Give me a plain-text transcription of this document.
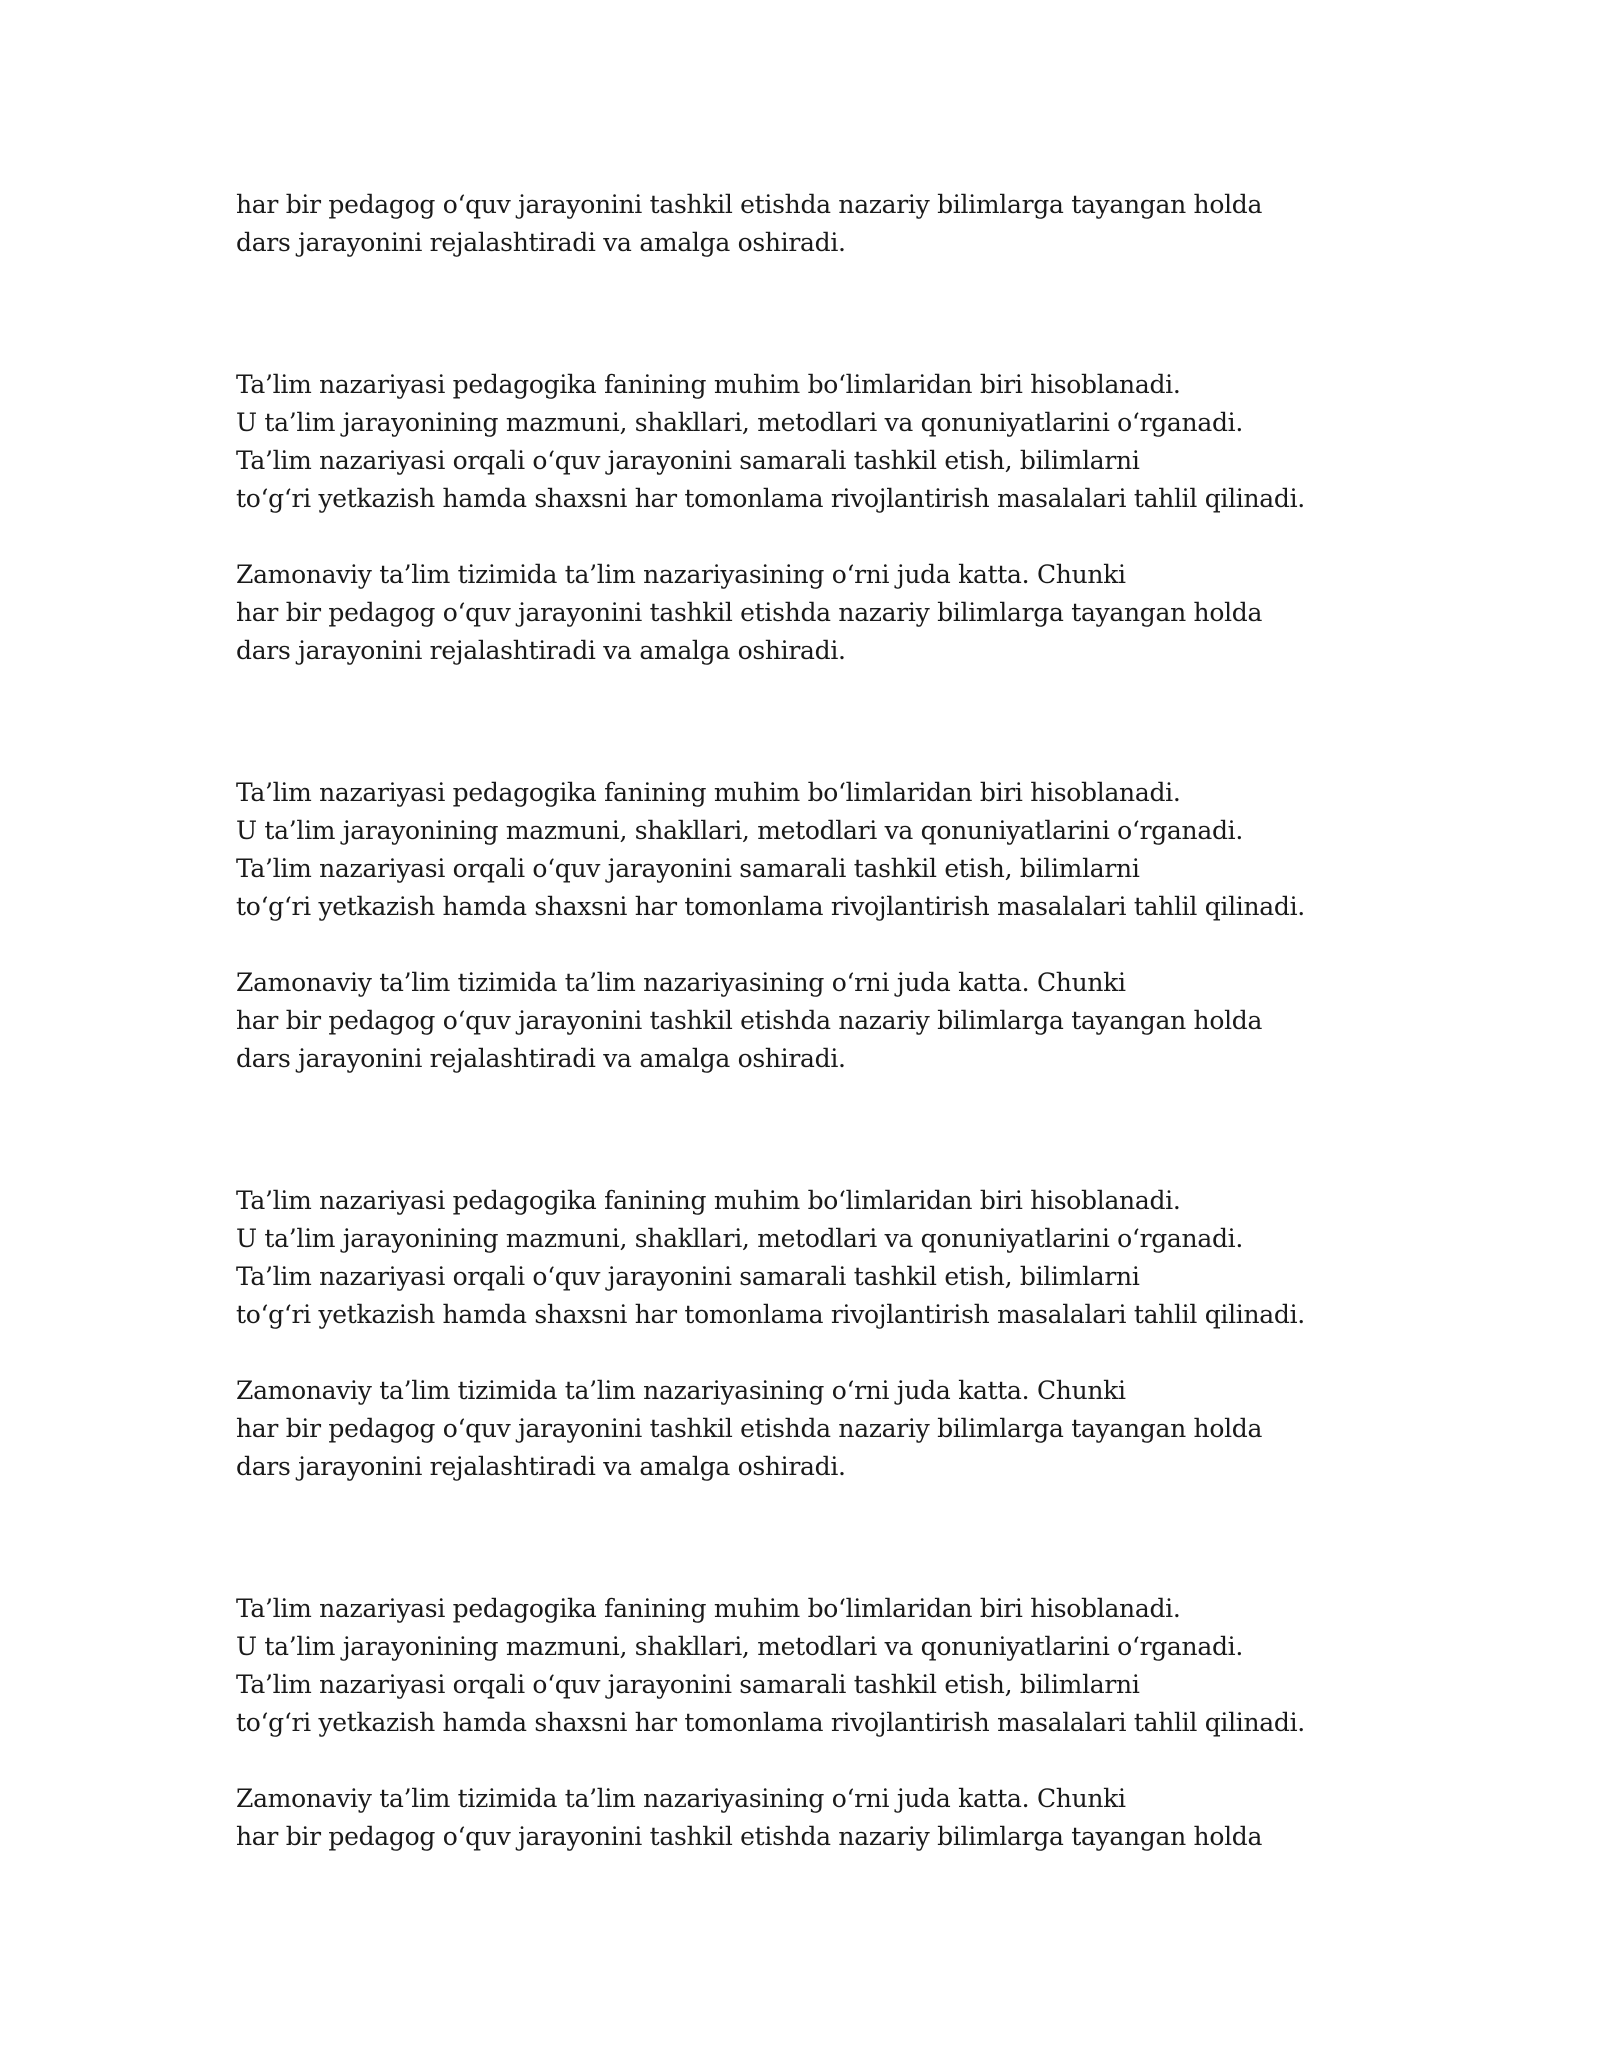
har bir pedagog o‘quv jarayonini tashkil etishda nazariy bilimlarga tayangan holda
dars jarayonini rejalashtiradi va amalga oshiradi.

Ta’lim nazariyasi pedagogika fanining muhim bo‘limlaridan biri hisoblanadi.
U ta’lim jarayonining mazmuni, shakllari, metodlari va qonuniyatlarini o‘rganadi.
Ta’lim nazariyasi orqali o‘quv jarayonini samarali tashkil etish, bilimlarni
to‘g‘ri yetkazish hamda shaxsni har tomonlama rivojlantirish masalalari tahlil qilinadi.

Zamonaviy ta’lim tizimida ta’lim nazariyasining o‘rni juda katta. Chunki
har bir pedagog o‘quv jarayonini tashkil etishda nazariy bilimlarga tayangan holda
dars jarayonini rejalashtiradi va amalga oshiradi.

Ta’lim nazariyasi pedagogika fanining muhim bo‘limlaridan biri hisoblanadi.
U ta’lim jarayonining mazmuni, shakllari, metodlari va qonuniyatlarini o‘rganadi.
Ta’lim nazariyasi orqali o‘quv jarayonini samarali tashkil etish, bilimlarni
to‘g‘ri yetkazish hamda shaxsni har tomonlama rivojlantirish masalalari tahlil qilinadi.

Zamonaviy ta’lim tizimida ta’lim nazariyasining o‘rni juda katta. Chunki
har bir pedagog o‘quv jarayonini tashkil etishda nazariy bilimlarga tayangan holda
dars jarayonini rejalashtiradi va amalga oshiradi.

Ta’lim nazariyasi pedagogika fanining muhim bo‘limlaridan biri hisoblanadi.
U ta’lim jarayonining mazmuni, shakllari, metodlari va qonuniyatlarini o‘rganadi.
Ta’lim nazariyasi orqali o‘quv jarayonini samarali tashkil etish, bilimlarni
to‘g‘ri yetkazish hamda shaxsni har tomonlama rivojlantirish masalalari tahlil qilinadi.

Zamonaviy ta’lim tizimida ta’lim nazariyasining o‘rni juda katta. Chunki
har bir pedagog o‘quv jarayonini tashkil etishda nazariy bilimlarga tayangan holda
dars jarayonini rejalashtiradi va amalga oshiradi.

Ta’lim nazariyasi pedagogika fanining muhim bo‘limlaridan biri hisoblanadi.
U ta’lim jarayonining mazmuni, shakllari, metodlari va qonuniyatlarini o‘rganadi.
Ta’lim nazariyasi orqali o‘quv jarayonini samarali tashkil etish, bilimlarni
to‘g‘ri yetkazish hamda shaxsni har tomonlama rivojlantirish masalalari tahlil qilinadi.

Zamonaviy ta’lim tizimida ta’lim nazariyasining o‘rni juda katta. Chunki
har bir pedagog o‘quv jarayonini tashkil etishda nazariy bilimlarga tayangan holda
